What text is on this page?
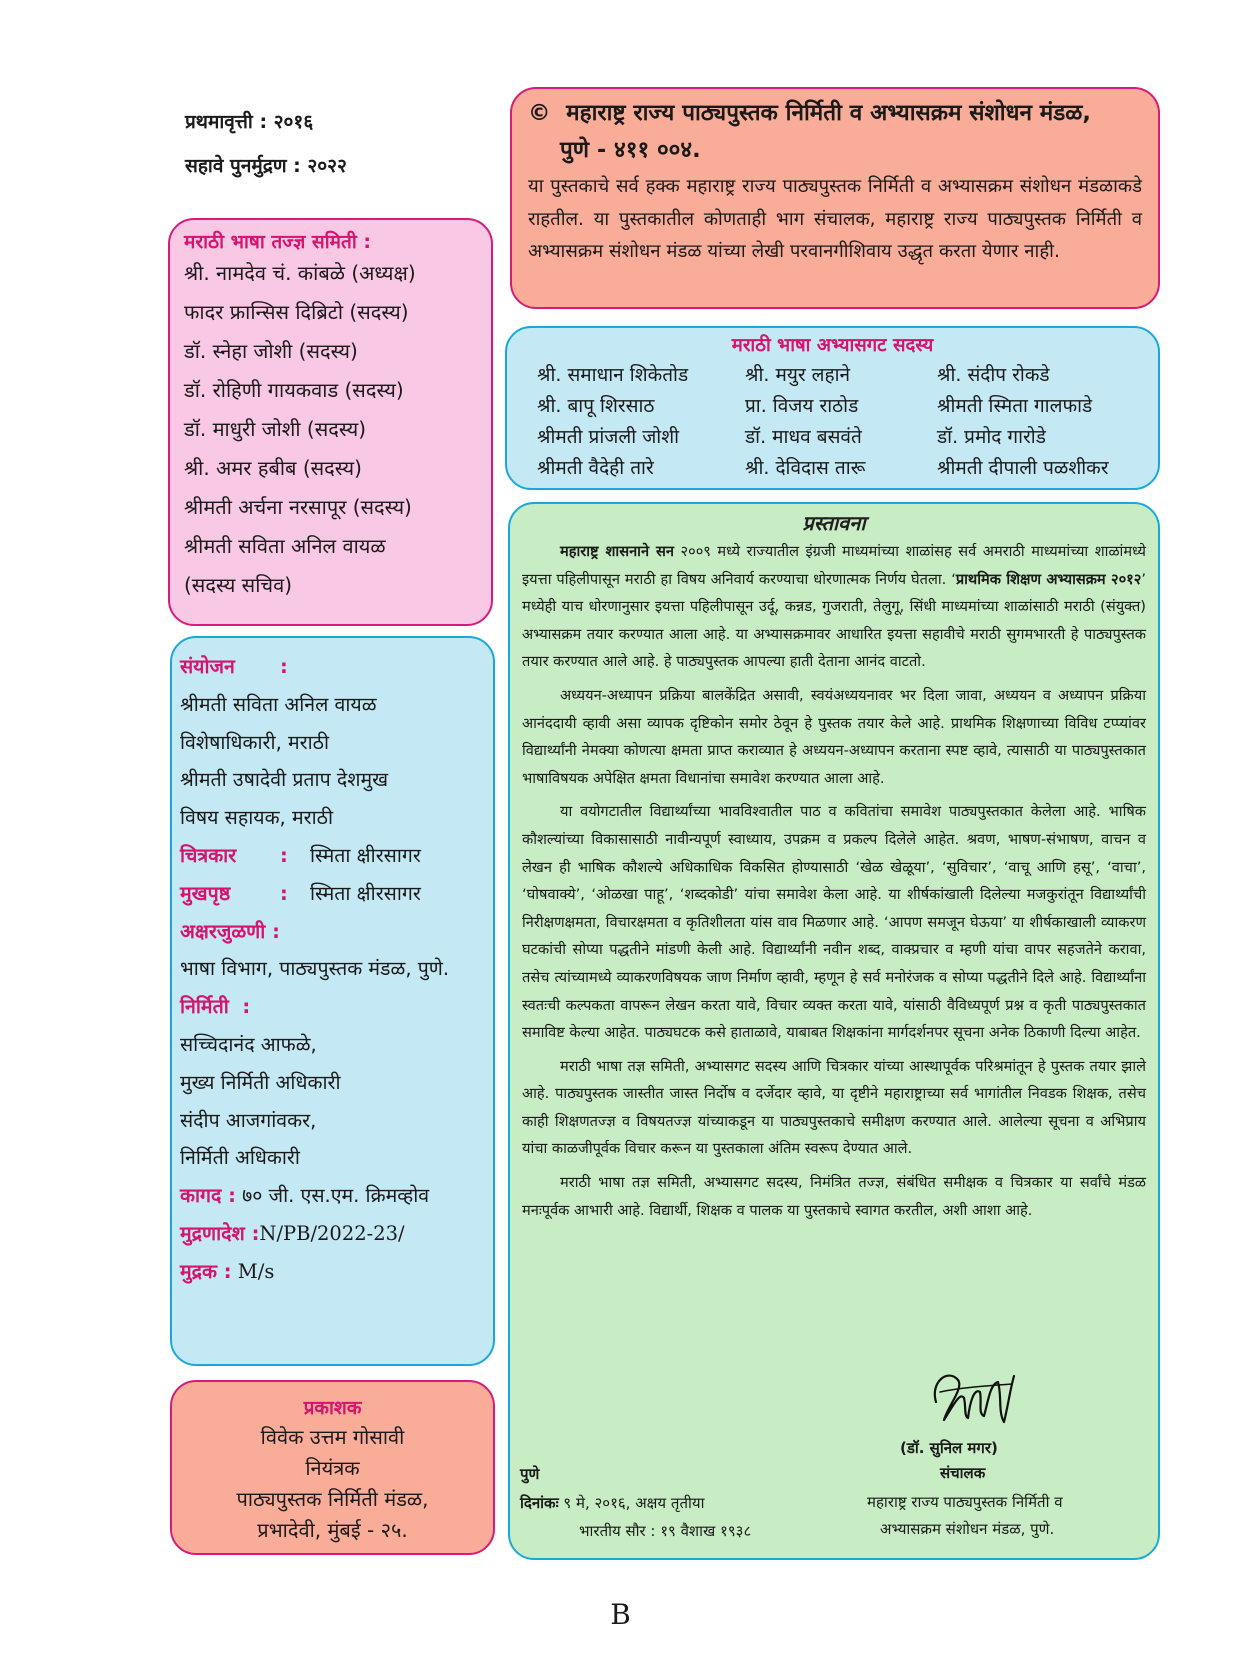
प्रथमावृत्ती : २०१६
सहावे पुनर्मुद्रण : २०२२
मराठी भाषा तज्ज्ञ समिती :
श्री. नामदेव चं. कांबळे (अध्यक्ष)
फादर फ्रान्सिस दिब्रिटो (सदस्य)
डॉ. स्नेहा जोशी (सदस्य)
डॉ. रोहिणी गायकवाड (सदस्य)
डॉ. माधुरी जोशी (सदस्य)
श्री. अमर हबीब (सदस्य)
श्रीमती अर्चना नरसापूर (सदस्य)
श्रीमती सविता अनिल वायळ
(सदस्य सचिव)
संयोजन :
श्रीमती सविता अनिल वायळ
विशेषाधिकारी, मराठी
श्रीमती उषादेवी प्रताप देशमुख
विषय सहायक, मराठी
चित्रकार : स्मिता क्षीरसागर
मुखपृष्ठ	: स्मिता क्षीरसागर
अक्षरजुळणी :
भाषा विभाग, पाठ्यपुस्तक मंडळ, पुणे.
निर्मिती  :
सच्चिदानंद आफळे,
मुख्य निर्मिती अधिकारी
संदीप आजगांवकर,
निर्मिती अधिकारी
कागद : ७० जी. एस.एम. क्रिमव्होव
मुद्रणादेश :N/PB/2022-23/
मुद्रक : M/s
प्रकाशक
विवेक उत्तम गोसावी
नियंत्रक
पाठ्यपुस्तक निर्मिती मंडळ,
प्रभादेवी, मुंबई - २५.
© महाराष्ट्र राज्य पाठ्यपुस्तक निर्मिती व अभ्यासक्रम संशोधन मंडळ,
पुणे - ४११ ००४.
या पुस्तकाचे सर्व हक्क महाराष्ट्र राज्य पाठ्यपुस्तक निर्मिती व अभ्यासक्रम संशोधन मंडळाकडे राहतील. या पुस्तकातील कोणताही भाग संचालक, महाराष्ट्र राज्य पाठ्यपुस्तक निर्मिती व अभ्यासक्रम संशोधन मंडळ यांच्या लेखी परवानगीशिवाय उद्धृत करता येणार नाही.
मराठी भाषा अभ्यासगट सदस्य
श्री. समाधान शिकेतोड	श्री. मयुर लहाने	श्री. संदीप रोकडे
श्री. बापू शिरसाठ	प्रा. विजय राठोड	श्रीमती स्मिता गालफाडे
श्रीमती प्रांजली जोशी	डॉ. माधव बसवंते	डॉ. प्रमोद गारोडे
श्रीमती वैदेही तारे	श्री. देविदास तारू	श्रीमती दीपाली पळशीकर
प्रस्तावना

महाराष्ट्र शासनाने सन २००९ मध्ये राज्यातील इंग्रजी माध्यमांच्या शाळांसह सर्व अमराठी माध्यमांच्या शाळांमध्ये इयत्ता पहिलीपासून मराठी हा विषय अनिवार्य करण्याचा धोरणात्मक निर्णय घेतला. ‘प्राथमिक शिक्षण अभ्यासक्रम २०१२’ मध्येही याच धोरणानुसार इयत्ता पहिलीपासून उर्दू, कन्नड, गुजराती, तेलुगू, सिंधी माध्यमांच्या शाळांसाठी मराठी (संयुक्त) अभ्यासक्रम तयार करण्यात आला आहे. या अभ्यासक्रमावर आधारित इयत्ता सहावीचे मराठी सुगमभारती हे पाठ्यपुस्तक तयार करण्यात आले आहे. हे पाठ्यपुस्तक आपल्या हाती देताना आनंद वाटतो.

अध्ययन-अध्यापन प्रक्रिया बालकेंद्रित असावी, स्वयंअध्ययनावर भर दिला जावा, अध्ययन व अध्यापन प्रक्रिया आनंददायी व्हावी असा व्यापक दृष्टिकोन समोर ठेवून हे पुस्तक तयार केले आहे. प्राथमिक शिक्षणाच्या विविध टप्प्यांवर विद्यार्थ्यांनी नेमक्या कोणत्या क्षमता प्राप्त कराव्यात हे अध्ययन-अध्यापन करताना स्पष्ट व्हावे, त्यासाठी या पाठ्यपुस्तकात भाषाविषयक अपेक्षित क्षमता विधानांचा समावेश करण्यात आला आहे.

या वयोगटातील विद्यार्थ्यांच्या भावविश्वातील पाठ व कवितांचा समावेश पाठ्यपुस्तकात केलेला आहे. भाषिक कौशल्यांच्या विकासासाठी नावीन्यपूर्ण स्वाध्याय, उपक्रम व प्रकल्प दिलेले आहेत. श्रवण, भाषण-संभाषण, वाचन व लेखन ही भाषिक कौशल्ये अधिकाधिक विकसित होण्यासाठी ‘खेळ खेळूया’, ‘सुविचार’, ‘वाचू आणि हसू’, ‘वाचा’, ‘घोषवाक्ये’, ‘ओळखा पाहू’, ‘शब्दकोडी’ यांचा समावेश केला आहे. या शीर्षकांखाली दिलेल्या मजकुरांतून विद्यार्थ्यांची निरीक्षणक्षमता, विचारक्षमता व कृतिशीलता यांस वाव मिळणार आहे. ‘आपण समजून घेऊया’ या शीर्षकाखाली व्याकरण घटकांची सोप्या पद्धतीने मांडणी केली आहे. विद्यार्थ्यांनी नवीन शब्द, वाक्प्रचार व म्हणी यांचा वापर सहजतेने करावा, तसेच त्यांच्यामध्ये व्याकरणविषयक जाण निर्माण व्हावी, म्हणून हे सर्व मनोरंजक व सोप्या पद्धतीने दिले आहे. विद्यार्थ्यांना स्वतःची कल्पकता वापरून लेखन करता यावे, विचार व्यक्त करता यावे, यांसाठी वैविध्यपूर्ण प्रश्न व कृती पाठ्यपुस्तकात समाविष्ट केल्या आहेत. पाठ्यघटक कसे हाताळावे, याबाबत शिक्षकांना मार्गदर्शनपर सूचना अनेक ठिकाणी दिल्या आहेत.

मराठी भाषा तज्ञ समिती, अभ्यासगट सदस्य आणि चित्रकार यांच्या आस्थापूर्वक परिश्रमांतून हे पुस्तक तयार झाले आहे. पाठ्यपुस्तक जास्तीत जास्त निर्दोष व दर्जेदार व्हावे, या दृष्टीने महाराष्ट्राच्या सर्व भागांतील निवडक शिक्षक, तसेच काही शिक्षणतज्ज्ञ व विषयतज्ज्ञ यांच्याकडून या पाठ्यपुस्तकाचे समीक्षण करण्यात आले. आलेल्या सूचना व अभिप्राय यांचा काळजीपूर्वक विचार करून या पुस्तकाला अंतिम स्वरूप देण्यात आले.

मराठी भाषा तज्ञ समिती, अभ्यासगट सदस्य, निमंत्रित तज्ज्ञ, संबंधित समीक्षक व चित्रकार या सर्वांचे मंडळ मनःपूर्वक आभारी आहे. विद्यार्थी, शिक्षक व पालक या पुस्तकाचे स्वागत करतील, अशी आशा आहे.

(डॉ. सुनिल मगर)
संचालक
महाराष्ट्र राज्य पाठ्यपुस्तक निर्मिती व
अभ्यासक्रम संशोधन मंडळ, पुणे.
पुणे
दिनांकः ९ मे, २०१६, अक्षय तृतीया
भारतीय सौर : १९ वैशाख १९३८
B
